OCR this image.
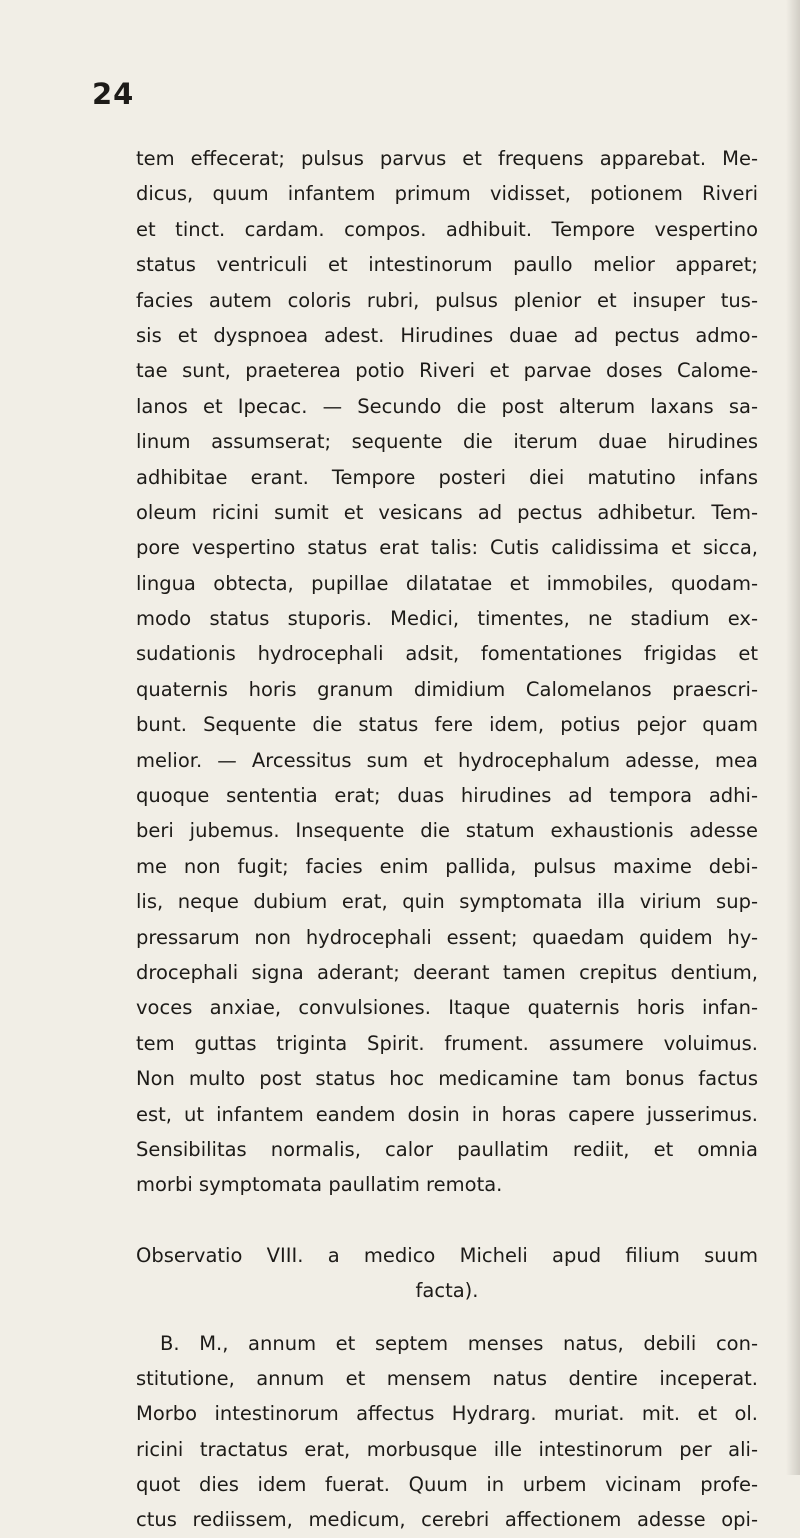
24
tem effecerat; pulsus parvus et frequens apparebat. Me-
dicus, quum infantem primum vidisset, potionem Riveri
et tinct. cardam. compos. adhibuit. Tempore vespertino
status ventriculi et intestinorum paullo melior apparet;
facies autem coloris rubri, pulsus plenior et insuper tus-
sis et dyspnoea adest. Hirudines duae ad pectus admo-
tae sunt, praeterea potio Riveri et parvae doses Calome-
lanos et Ipecac. — Secundo die post alterum laxans sa-
linum assumserat; sequente die iterum duae hirudines
adhibitae erant. Tempore posteri diei matutino infans
oleum ricini sumit et vesicans ad pectus adhibetur. Tem-
pore vespertino status erat talis: Cutis calidissima et sicca,
lingua obtecta, pupillae dilatatae et immobiles, quodam-
modo status stuporis. Medici, timentes, ne stadium ex-
sudationis hydrocephali adsit, fomentationes frigidas et
quaternis horis granum dimidium Calomelanos praescri-
bunt. Sequente die status fere idem, potius pejor quam
melior. — Arcessitus sum et hydrocephalum adesse, mea
quoque sententia erat; duas hirudines ad tempora adhi-
beri jubemus. Insequente die statum exhaustionis adesse
me non fugit; facies enim pallida, pulsus maxime debi-
lis, neque dubium erat, quin symptomata illa virium sup-
pressarum non hydrocephali essent; quaedam quidem hy-
drocephali signa aderant; deerant tamen crepitus dentium,
voces anxiae, convulsiones. Itaque quaternis horis infan-
tem guttas triginta Spirit. frument. assumere voluimus.
Non multo post status hoc medicamine tam bonus factus
est, ut infantem eandem dosin in horas capere jusserimus.
Sensibilitas normalis, calor paullatim rediit, et omnia
morbi symptomata paullatim remota.
Observatio VIII. a medico Micheli apud filium suum
facta).
B. M., annum et septem menses natus, debili con-
stitutione, annum et mensem natus dentire inceperat.
Morbo intestinorum affectus Hydrarg. muriat. mit. et ol.
ricini tractatus erat, morbusque ille intestinorum per ali-
quot dies idem fuerat. Quum in urbem vicinam profe-
ctus rediissem, medicum, cerebri affectionem adesse opi-
